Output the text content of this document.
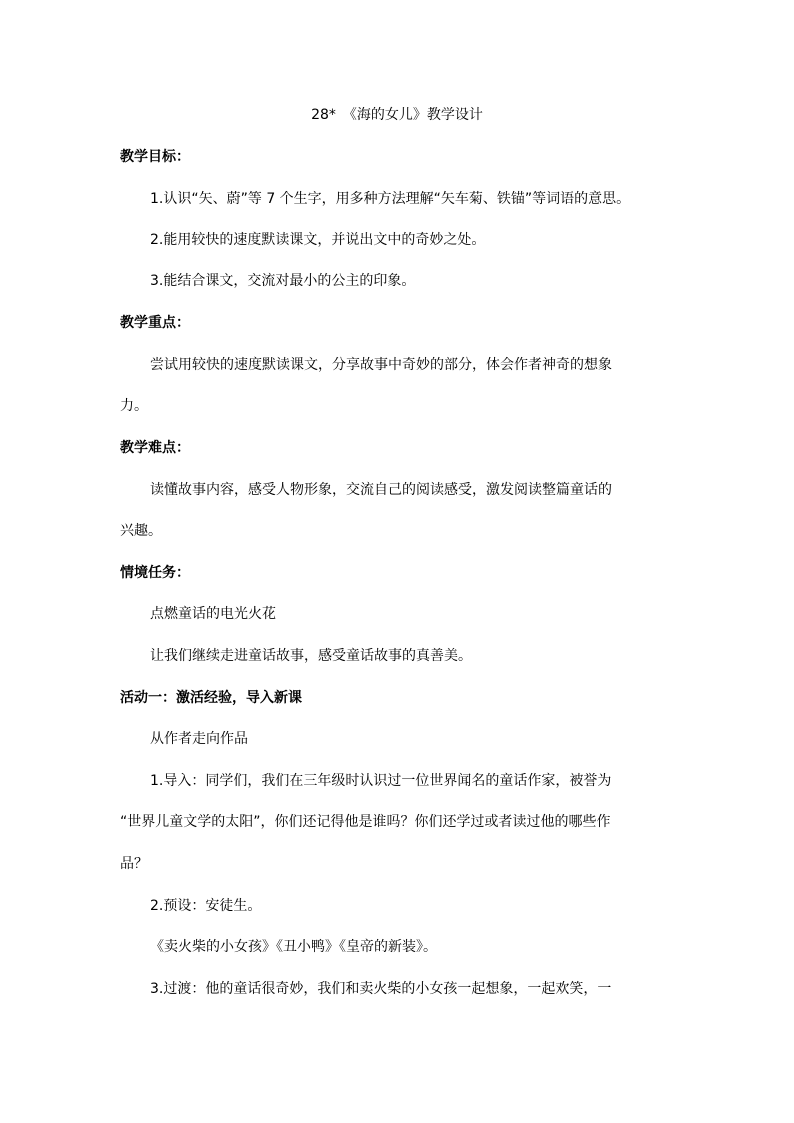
28*　《海的女儿》教学设计
教学目标：
1.认识“矢、蔚”等 7 个生字，用多种方法理解“矢车菊、铁锚”等词语的意思。
2.能用较快的速度默读课文，并说出文中的奇妙之处。
3.能结合课文，交流对最小的公主的印象。
教学重点：
尝试用较快的速度默读课文，分享故事中奇妙的部分，体会作者神奇的想象
力。
教学难点：
读懂故事内容，感受人物形象，交流自己的阅读感受，激发阅读整篇童话的
兴趣。
情境任务：
点燃童话的电光火花
让我们继续走进童话故事，感受童话故事的真善美。
活动一：激活经验，导入新课
从作者走向作品
1.导入：同学们，我们在三年级时认识过一位世界闻名的童话作家，被誉为
“世界儿童文学的太阳”，你们还记得他是谁吗？你们还学过或者读过他的哪些作
品？
2.预设：安徒生。
《卖火柴的小女孩》《丑小鸭》《皇帝的新装》。
3.过渡：他的童话很奇妙，我们和卖火柴的小女孩一起想象，一起欢笑，一
